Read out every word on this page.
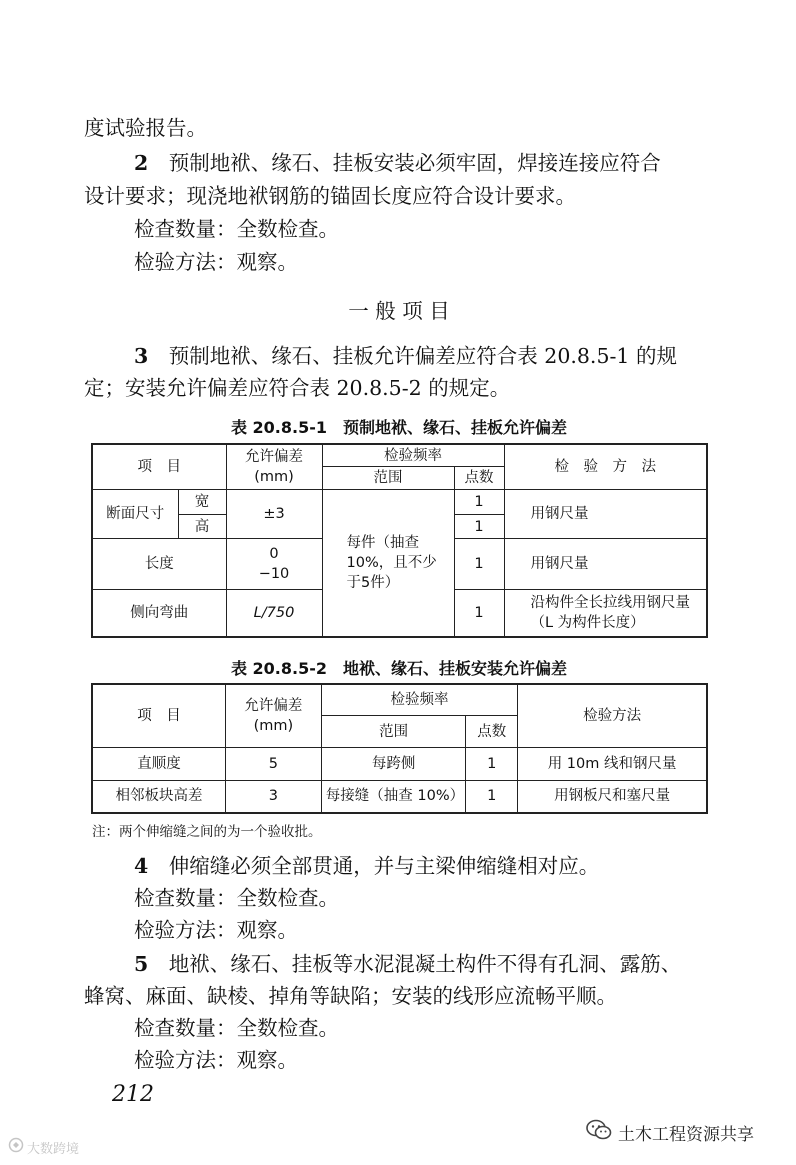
度试验报告。
2　 预制地袱、缘石、挂板安装必须牢固，焊接连接应符合
设计要求；现浇地袱钢筋的锚固长度应符合设计要求。
检查数量：全数检查。
检验方法：观察。
一 般 项 目
3　 预制地袱、缘石、挂板允许偏差应符合表 20.8.5-1 的规
定；安装允许偏差应符合表 20.8.5-2 的规定。
表 20.8.5-1　预制地袱、缘石、挂板允许偏差
项　目		允许偏差
(mm)	检验频率		检　验　方　法
			范围	点数	
断面尺寸	宽	±3	每件（抽查10%，且不少于5件）	1	用钢尺量
	高			1	
长度		0
−10		1	用钢尺量
侧向弯曲		L/750		1	沿构件全长拉线用钢尺量（L 为构件长度）
表 20.8.5-2　地袱、缘石、挂板安装允许偏差
项　目	允许偏差
(mm)	检验频率		检验方法
		范围	点数	
直顺度	5	每跨侧	1	用 10m 线和钢尺量
相邻板块高差	3	每接缝（抽查 10%）	1	用钢板尺和塞尺量
注：两个伸缩缝之间的为一个验收批。
4　 伸缩缝必须全部贯通，并与主梁伸缩缝相对应。
检查数量：全数检查。
检验方法：观察。
5　 地袱、缘石、挂板等水泥混凝土构件不得有孔洞、露筋、
蜂窝、麻面、缺棱、掉角等缺陷；安装的线形应流畅平顺。
检查数量：全数检查。
检验方法：观察。
212
土木工程资源共享
大数跨境
